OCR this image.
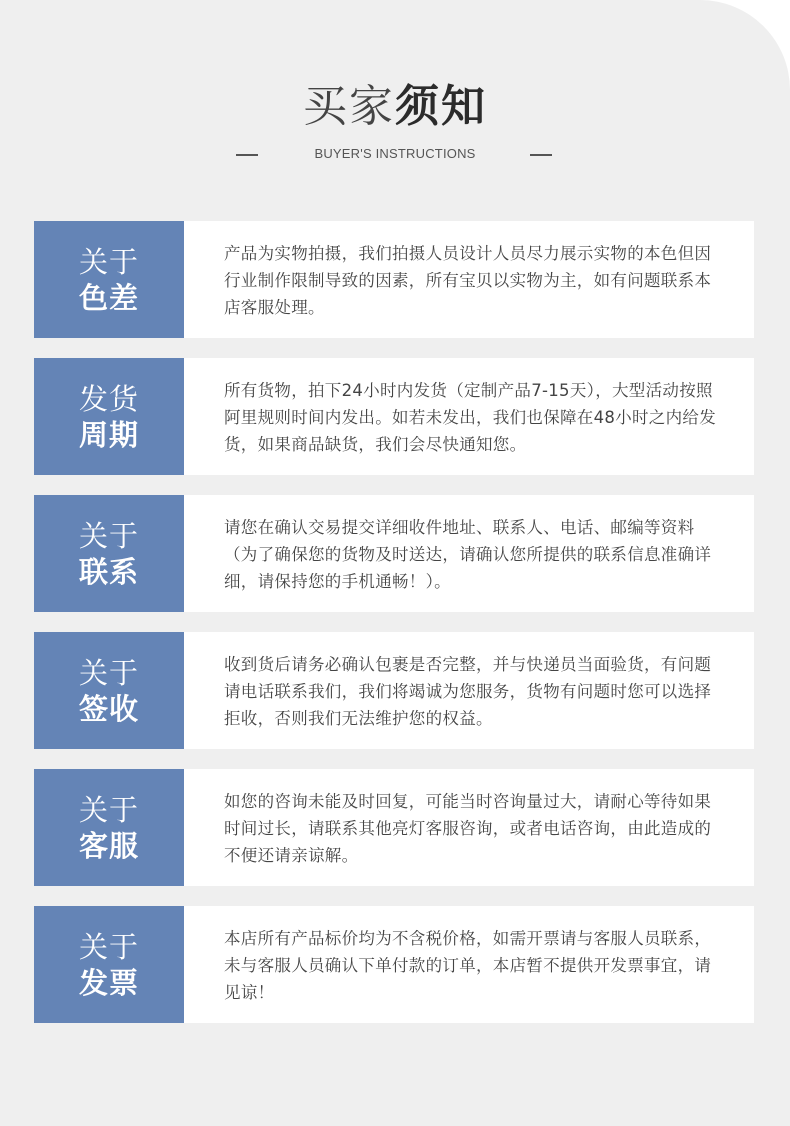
买家须知
BUYER'S INSTRUCTIONS
关于
色差
产品为实物拍摄，我们拍摄人员设计人员尽力展示实物的本色但因行业制作限制导致的因素，所有宝贝以实物为主，如有问题联系本店客服处理。
发货
周期
所有货物，拍下24小时内发货（定制产品7-15天），大型活动按照阿里规则时间内发出。如若未发出，我们也保障在48小时之内给发货，如果商品缺货，我们会尽快通知您。
关于
联系
请您在确认交易提交详细收件地址、联系人、电话、邮编等资料（为了确保您的货物及时送达，请确认您所提供的联系信息准确详细，请保持您的手机通畅！）。
关于
签收
收到货后请务必确认包裹是否完整，并与快递员当面验货，有问题请电话联系我们，我们将竭诚为您服务，货物有问题时您可以选择拒收，否则我们无法维护您的权益。
关于
客服
如您的咨询未能及时回复，可能当时咨询量过大，请耐心等待如果时间过长，请联系其他亮灯客服咨询，或者电话咨询，由此造成的不便还请亲谅解。
关于
发票
本店所有产品标价均为不含税价格，如需开票请与客服人员联系，未与客服人员确认下单付款的订单，本店暂不提供开发票事宜，请见谅！
